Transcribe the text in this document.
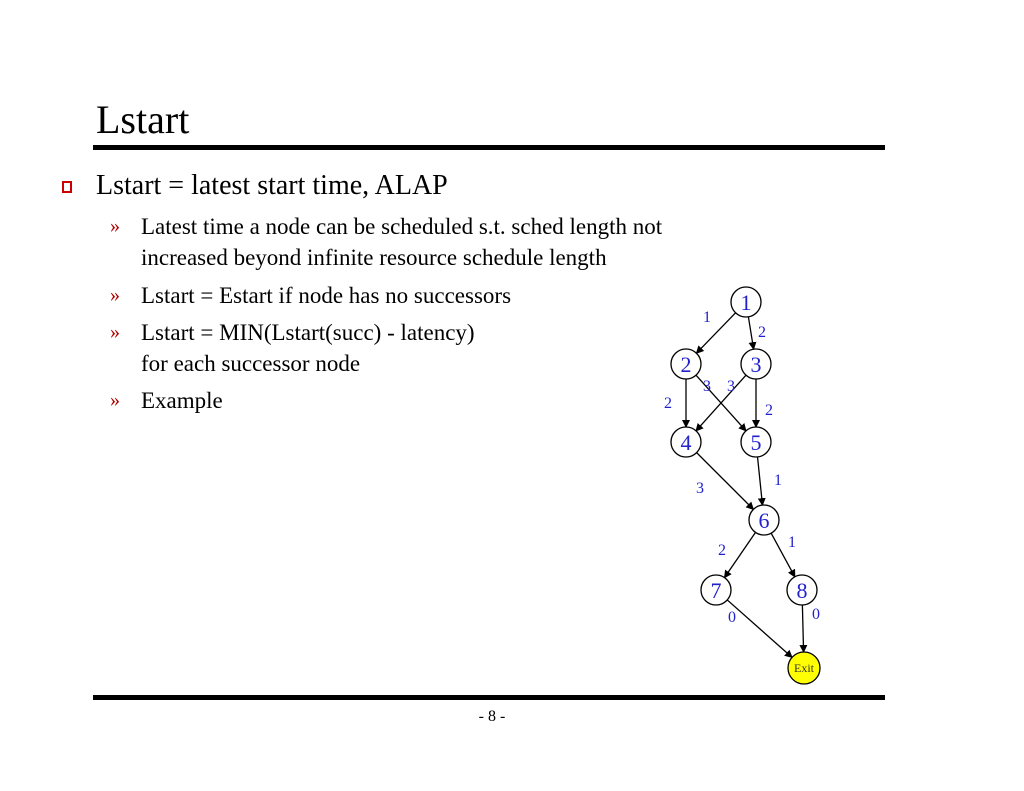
Lstart

Lstart = latest start time, ALAP

» Latest time a node can be scheduled s.t. sched length not increased beyond infinite resource schedule length
» Lstart = Estart if node has no successors
» Lstart = MIN(Lstart(succ) - latency)
for each successor node
» Example
1
2
2
3 3
2
3	1
2	1
0	0
1
2	3
4	5
6
7	8
Exit
- 8 -
